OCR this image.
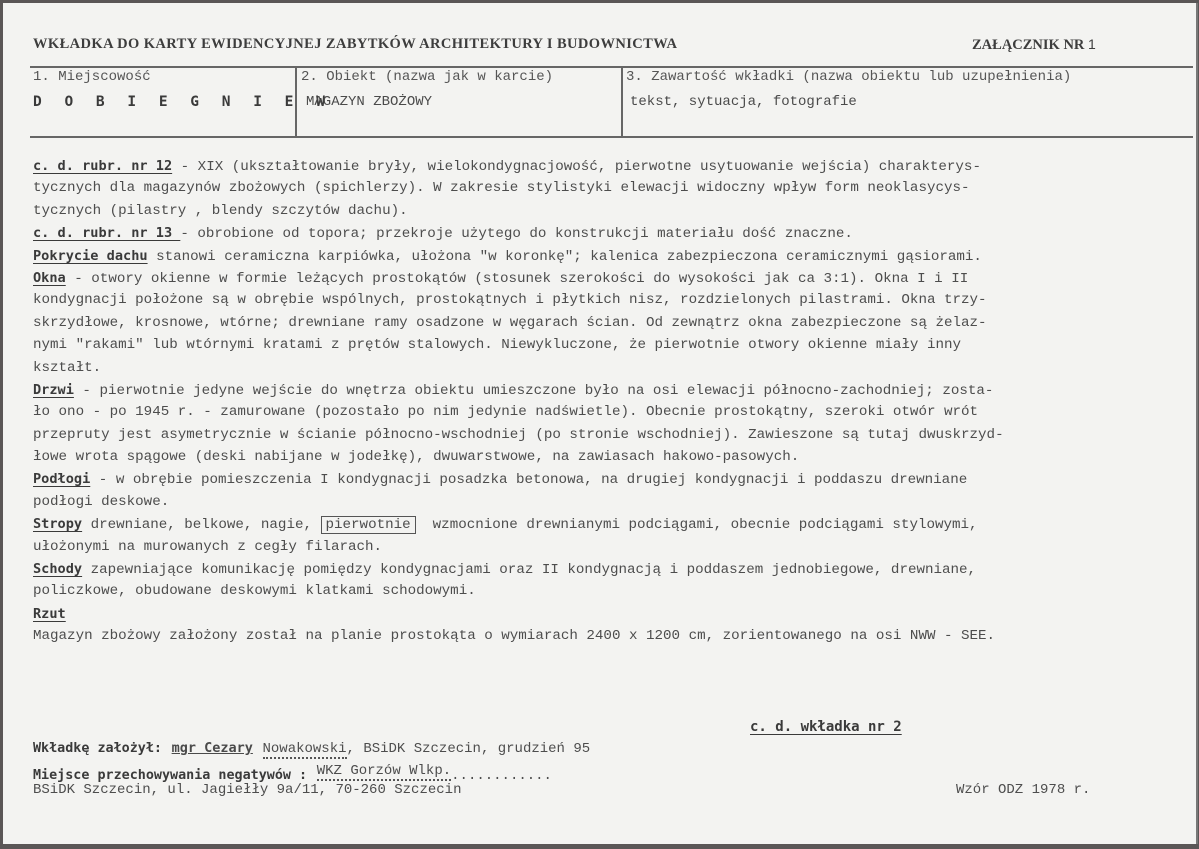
WKŁADKA DO KARTY EWIDENCYJNEJ ZABYTKÓW ARCHITEKTURY I BUDOWNICTWA	ZAŁĄCZNIK NR 1
1. Miejscowość
D O B I E G N I E W
2. Obiekt (nazwa jak w karcie)
MAGAZYN ZBOŻOWY
3. Zawartość wkładki (nazwa obiektu lub uzupełnienia)
tekst, sytuacja, fotografie
c. d. rubr. nr 12 - XIX (ukształtowanie bryły, wielokondygnacjowość, pierwotne usytuowanie wejścia) charakterys-
tycznych dla magazynów zbożowych (spichlerzy). W zakresie stylistyki elewacji widoczny wpływ form neoklasycys-
tycznych (pilastry , blendy szczytów dachu).
c. d. rubr. nr 13 - obrobione od topora; przekroje użytego do konstrukcji materiału dość znaczne.
Pokrycie dachu stanowi ceramiczna karpiówka, ułożona "w koronkę"; kalenica zabezpieczona ceramicznymi gąsiorami.
Okna - otwory okienne w formie leżących prostokątów (stosunek szerokości do wysokości jak ca 3:1). Okna I i II
kondygnacji położone są w obrębie wspólnych, prostokątnych i płytkich nisz, rozdzielonych pilastrami. Okna trzy-
skrzydłowe, krosnowe, wtórne; drewniane ramy osadzone w węgarach ścian. Od zewnątrz okna zabezpieczone są żelaz-
nymi "rakami" lub wtórnymi kratami z prętów stalowych. Niewykluczone, że pierwotnie otwory okienne miały inny
kształt.
Drzwi - pierwotnie jedyne wejście do wnętrza obiektu umieszczone było na osi elewacji północno-zachodniej; zosta-
ło ono - po 1945 r. - zamurowane (pozostało po nim jedynie nadświetle). Obecnie prostokątny, szeroki otwór wrót
przepruty jest asymetrycznie w ścianie północno-wschodniej (po stronie wschodniej). Zawieszone są tutaj dwuskrzyd-
łowe wrota spągowe (deski nabijane w jodełkę), dwuwarstwowe, na zawiasach hakowo-pasowych.
Podłogi - w obrębie pomieszczenia I kondygnacji posadzka betonowa, na drugiej kondygnacji i poddaszu drewniane
podłogi deskowe.
Stropy drewniane, belkowe, nagie, pierwotnie  wzmocnione drewnianymi podciągami, obecnie podciągami stylowymi,
ułożonymi na murowanych z cegły filarach.
Schody zapewniające komunikację pomiędzy kondygnacjami oraz II kondygnacją i poddaszem jednobiegowe, drewniane,
policzkowe, obudowane deskowymi klatkami schodowymi.
Rzut
Magazyn zbożowy założony został na planie prostokąta o wymiarach 2400 x 1200 cm, zorientowanego na osi NWW - SEE.
c. d. wkładka nr 2
Wkładkę założył: mgr Cezary Nowakowski, BSiDK Szczecin, grudzień 95
Miejsce przechowywania negatywów : WKZ Gorzów Wlkp.............
BSiDK Szczecin, ul. Jagiełły 9a/11, 70-260 Szczecin	Wzór ODZ 1978 r.
